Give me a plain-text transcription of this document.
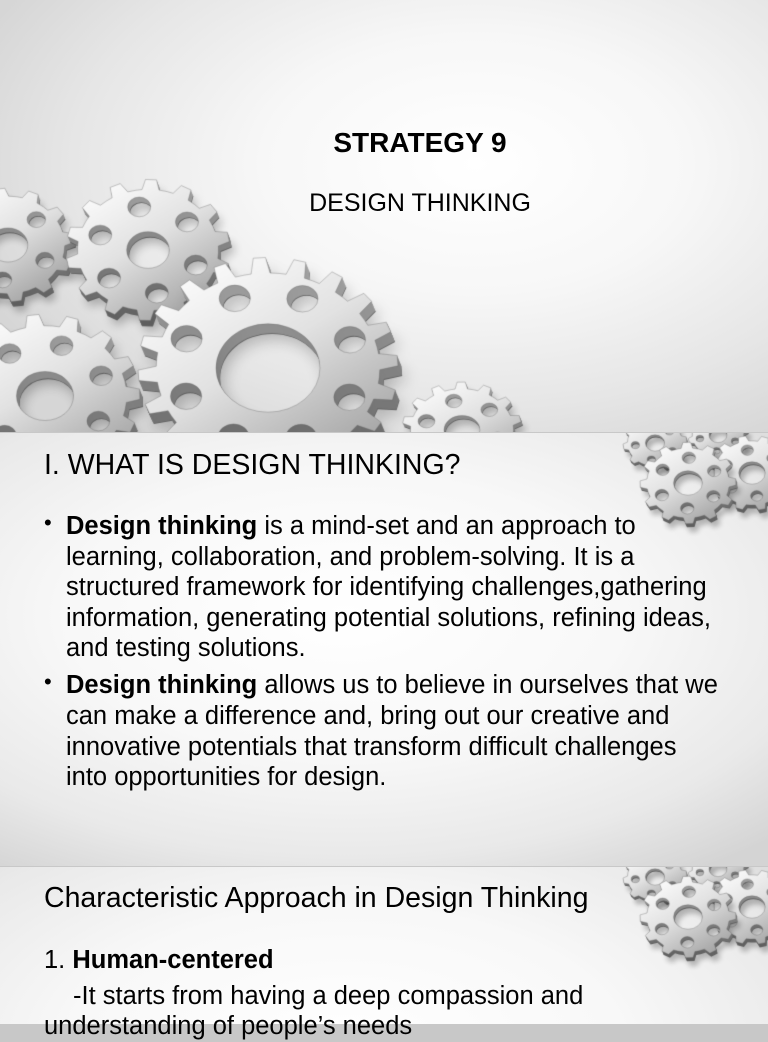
STRATEGY 9
DESIGN THINKING
I. WHAT IS DESIGN THINKING?
• Design thinking is a mind-set and an approach to
learning, collaboration, and problem-solving. It is a
structured framework for identifying challenges,gathering
information, generating potential solutions, refining ideas,
and testing solutions.
• Design thinking allows us to believe in ourselves that we
can make a difference and, bring out our creative and
innovative potentials that transform difficult challenges
into opportunities for design.
Characteristic Approach in Design Thinking
1. Human-centered
-It starts from having a deep compassion and
understanding of people’s needs
